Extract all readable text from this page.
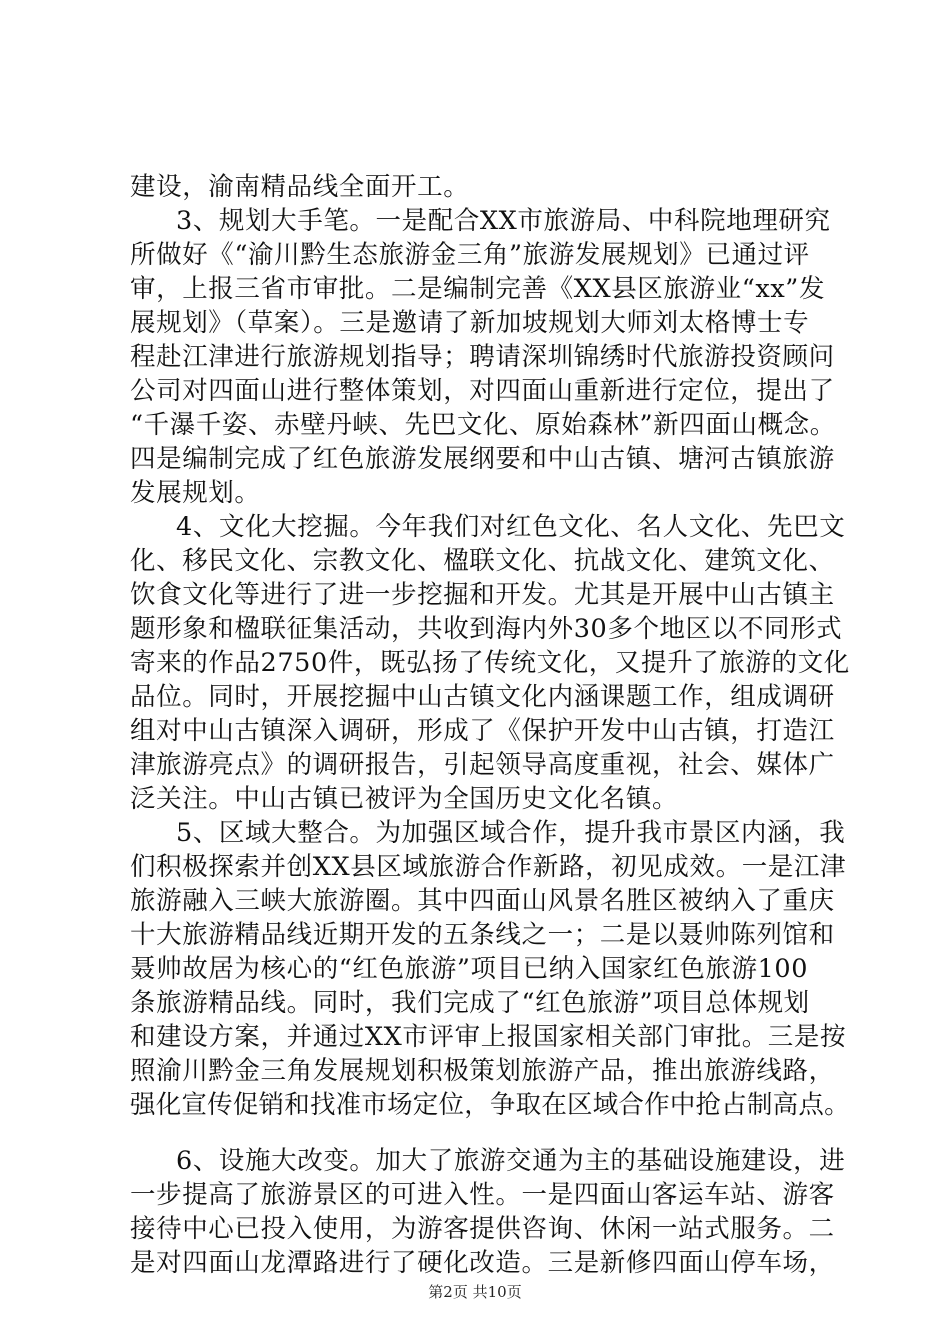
建设，渝南精品线全面开工。
3、规划大手笔。一是配合XX市旅游局、中科院地理研究
所做好《“渝川黔生态旅游金三角”旅游发展规划》已通过评
审，上报三省市审批。二是编制完善《XX县区旅游业“xx”发
展规划》（草案）。三是邀请了新加坡规划大师刘太格博士专
程赴江津进行旅游规划指导；聘请深圳锦绣时代旅游投资顾问
公司对四面山进行整体策划，对四面山重新进行定位，提出了
“千瀑千姿、赤壁丹峡、先巴文化、原始森林”新四面山概念。
四是编制完成了红色旅游发展纲要和中山古镇、塘河古镇旅游
发展规划。
4、文化大挖掘。今年我们对红色文化、名人文化、先巴文
化、移民文化、宗教文化、楹联文化、抗战文化、建筑文化、
饮食文化等进行了进一步挖掘和开发。尤其是开展中山古镇主
题形象和楹联征集活动，共收到海内外30多个地区以不同形式
寄来的作品2750件，既弘扬了传统文化，又提升了旅游的文化
品位。同时，开展挖掘中山古镇文化内涵课题工作，组成调研
组对中山古镇深入调研，形成了《保护开发中山古镇，打造江
津旅游亮点》的调研报告，引起领导高度重视，社会、媒体广
泛关注。中山古镇已被评为全国历史文化名镇。
5、区域大整合。为加强区域合作，提升我市景区内涵，我
们积极探索并创XX县区域旅游合作新路，初见成效。一是江津
旅游融入三峡大旅游圈。其中四面山风景名胜区被纳入了重庆
十大旅游精品线近期开发的五条线之一；二是以聂帅陈列馆和
聂帅故居为核心的“红色旅游”项目已纳入国家红色旅游100
条旅游精品线。同时，我们完成了“红色旅游”项目总体规划
和建设方案，并通过XX市评审上报国家相关部门审批。三是按
照渝川黔金三角发展规划积极策划旅游产品，推出旅游线路，
强化宣传促销和找准市场定位，争取在区域合作中抢占制高点。
6、设施大改变。加大了旅游交通为主的基础设施建设，进
一步提高了旅游景区的可进入性。一是四面山客运车站、游客
接待中心已投入使用，为游客提供咨询、休闲一站式服务。二
是对四面山龙潭路进行了硬化改造。三是新修四面山停车场，
第2页 共10页
